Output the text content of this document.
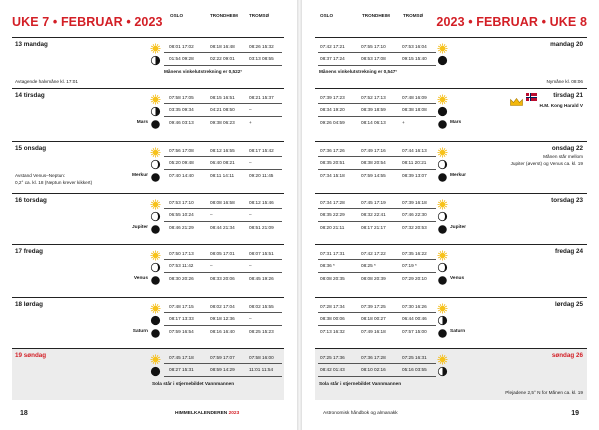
UKE 7 • FEBRUAR • 2023 OSLO	TRONDHEIM TROMSØ
13 mandag	08:01 17:02	08:18 16:48	08:26 15:32
01:54 09:28	02:22 09:01	03:13 08:55
Månens vinkelutstrekning er 0,522°
Avtagende halvmåne kl. 17:01
14 tirsdag	07:58 17:05	08:15 16:51	08:21 15:37
03:35 09:34	04:21 08:50	–
09:46 03:13	09:38 06:23	+
Mars
15 onsdag	07:56 17:08	08:12 16:55	08:17 15:42
05:20 09:48	06:40 08:21	–
07:40 14:40	08:11 14:11	09:20 11:45
Merkur
Avstand Venus–Neptun:
0,2° ca. kl. 18 (Neptun krever kikkert)
16 torsdag	07:53 17:10	08:08 16:58	08:12 15:46
06:55 10:24	–	–
08:46 21:29	08:44 21:34	08:51 21:09
Jupiter
17 fredag	07:50 17:13	08:05 17:01	08:07 15:51
07:53 11:42	–	–
08:30 20:26	08:33 20:06	08:45 19:26
Venus
18 lørdag	07:48 17:15	08:02 17:04	08:02 15:55
08:17 13:33	09:18 12:36	–
07:59 16:54	08:16 16:40	08:25 15:23
Saturn
19 søndag	07:45 17:18	07:59 17:07	07:58 16:00
08:27 15:31	08:59 14:29	11:01 11:54
Sola står i stjernebildet Vannmannen
18	HIMMELKALENDEREN 2023
2023 • FEBRUAR • UKE 8
OSLO	TRONDHEIM	TROMSØ
mandag 20
07:42 17:21	07:55 17:10	07:53 16:04
08:37 17:24	08:53 17:08	09:15 15:40
Månens vinkelutstrekning er 0,547°
Nymåne kl. 08:06
tirsdag 21
07:39 17:23	07:52 17:13	07:48 16:09
08:34 19:20	08:39 18:59	08:38 18:08
09:26 04:59	08:14 06:13	+	Mars
H.M. Kong Harald V
onsdag 22
07:36 17:26	07:49 17:16	07:44 16:13
08:35 20:51	08:38 20:54	08:11 20:21
07:34 15:18	07:59 14:55	08:39 13:07	Merkur
Månen står mellom
Jupiter (øverst) og Venus ca. kl. 19
torsdag 23
07:34 17:28	07:45 17:19	07:39 16:18
08:35 22:29	08:32 22:41	07:46 22:30
08:20 21:11	08:17 21:17	07:32 20:53	Jupiter
fredag 24
07:31 17:31	07:42 17:22	07:35 16:22
08:36 *	08:25 *	07:19 *
08:08 20:35	08:08 20:39	07:29 20:10	Venus
lørdag 25
07:28 17:34	07:39 17:25	07:30 16:26
08:38 00:06	08:18 00:27	06:44 00:46
07:13 16:32	07:49 16:18	07:57 15:00	Saturn
søndag 26
07:25 17:36	07:36 17:28	07:25 16:31
08:42 01:43	08:10 02:16	05:16 03:55
Sola står i stjernebildet Vannmannen
Plejadene 2,5° N for Månen ca. kl. 19
19
Astronomisk håndbok og almanakk
